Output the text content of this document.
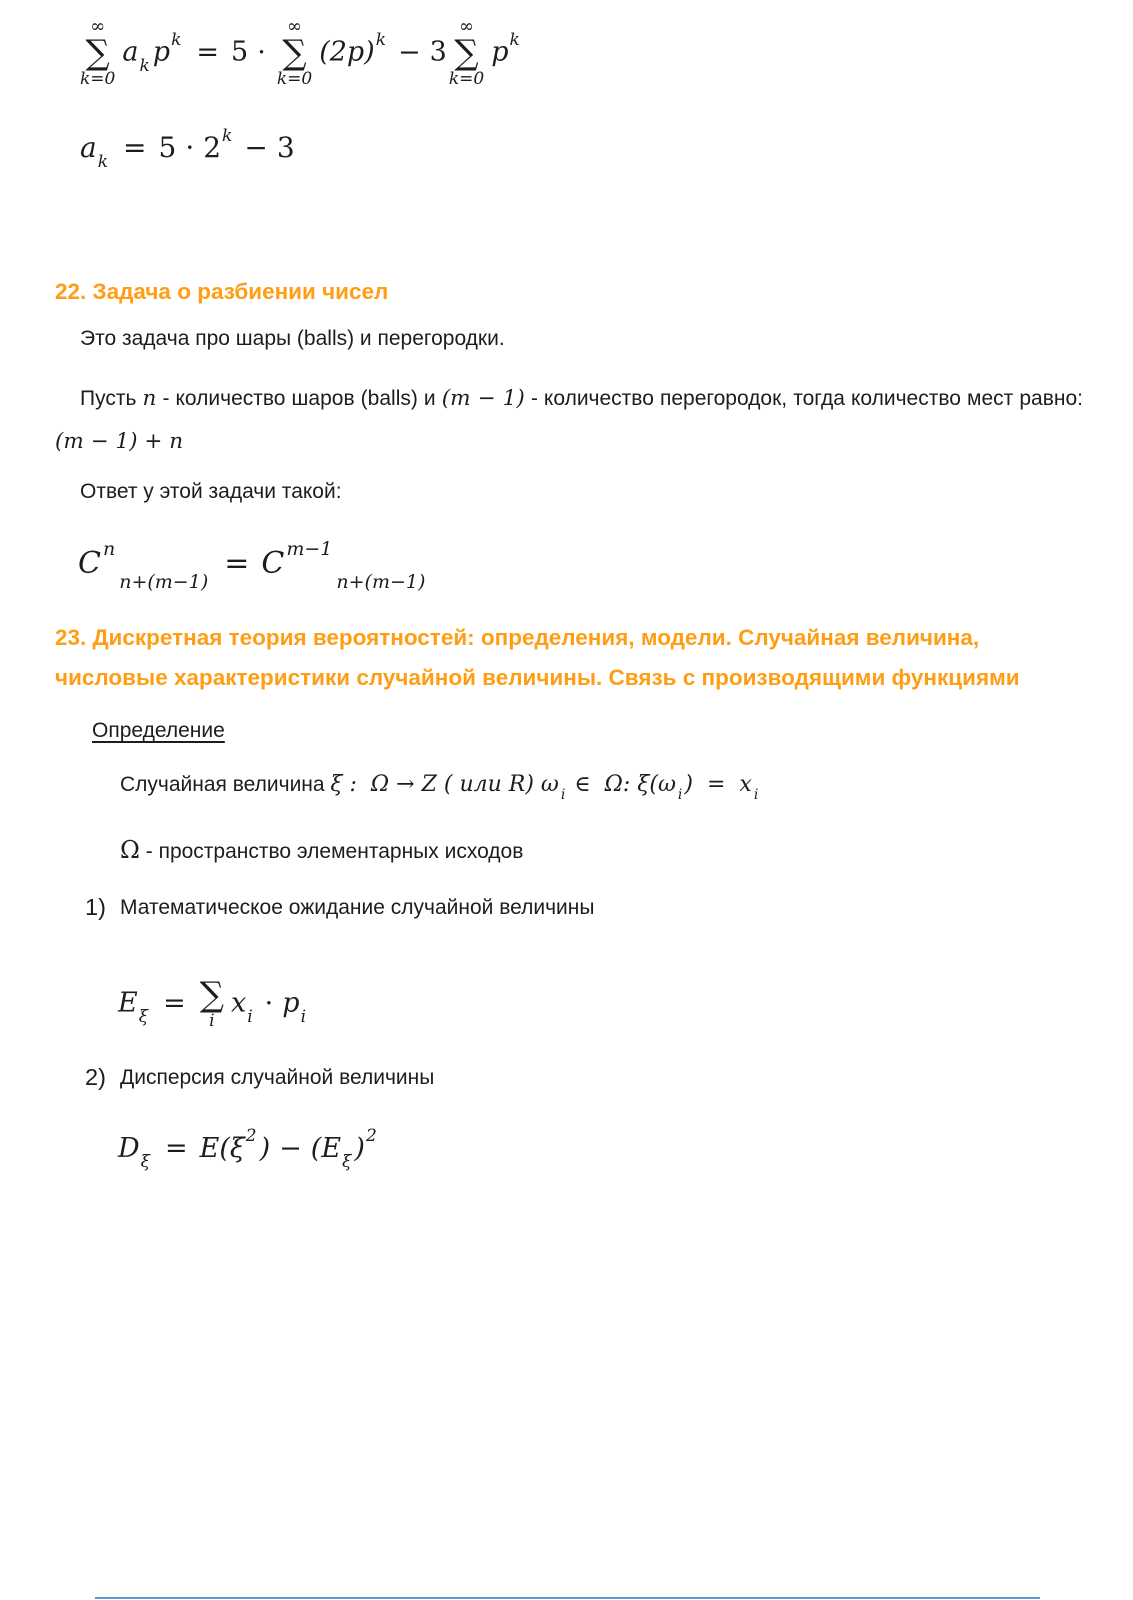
∞
∑
k=0
$a_k$ $p^k = 5$ ·
∞
∑
k=0
$(2p)^k - 3$
∞
∑
k=0
$p^k$
$a_k = 5 \cdot 2^k - 3$
22. Задача о разбиении чисел
Это задача про шары (balls) и перегородки.
Пусть n - количество шаров (balls) и (m − 1) - количество перегородок, тогда количество мест равно: (m − 1) + n
Ответ у этой задачи такой:
C $^n_{n+(m-1)}$= C $^{m-1}_{n+(m-1)}$
23. Дискретная теория вероятностей: определения, модели. Случайная величина, числовые характеристики случайной величины. Связь с производящими функциями
Определение
Случайная величина ξ :  Ω → Z ( или R) ω $_i$ ∈  Ω: ξ(ω $_i$)  =  x $_i$
Ω - пространство элементарных исходов
1) Математическое ожидание случайной величины
$E_\xi$ = ∑
i
$x_i \cdot p_i$
2) Дисперсия случайной величины
$D_\xi = E(\xi^2$ ) − ($E_\xi$ )$^2$
